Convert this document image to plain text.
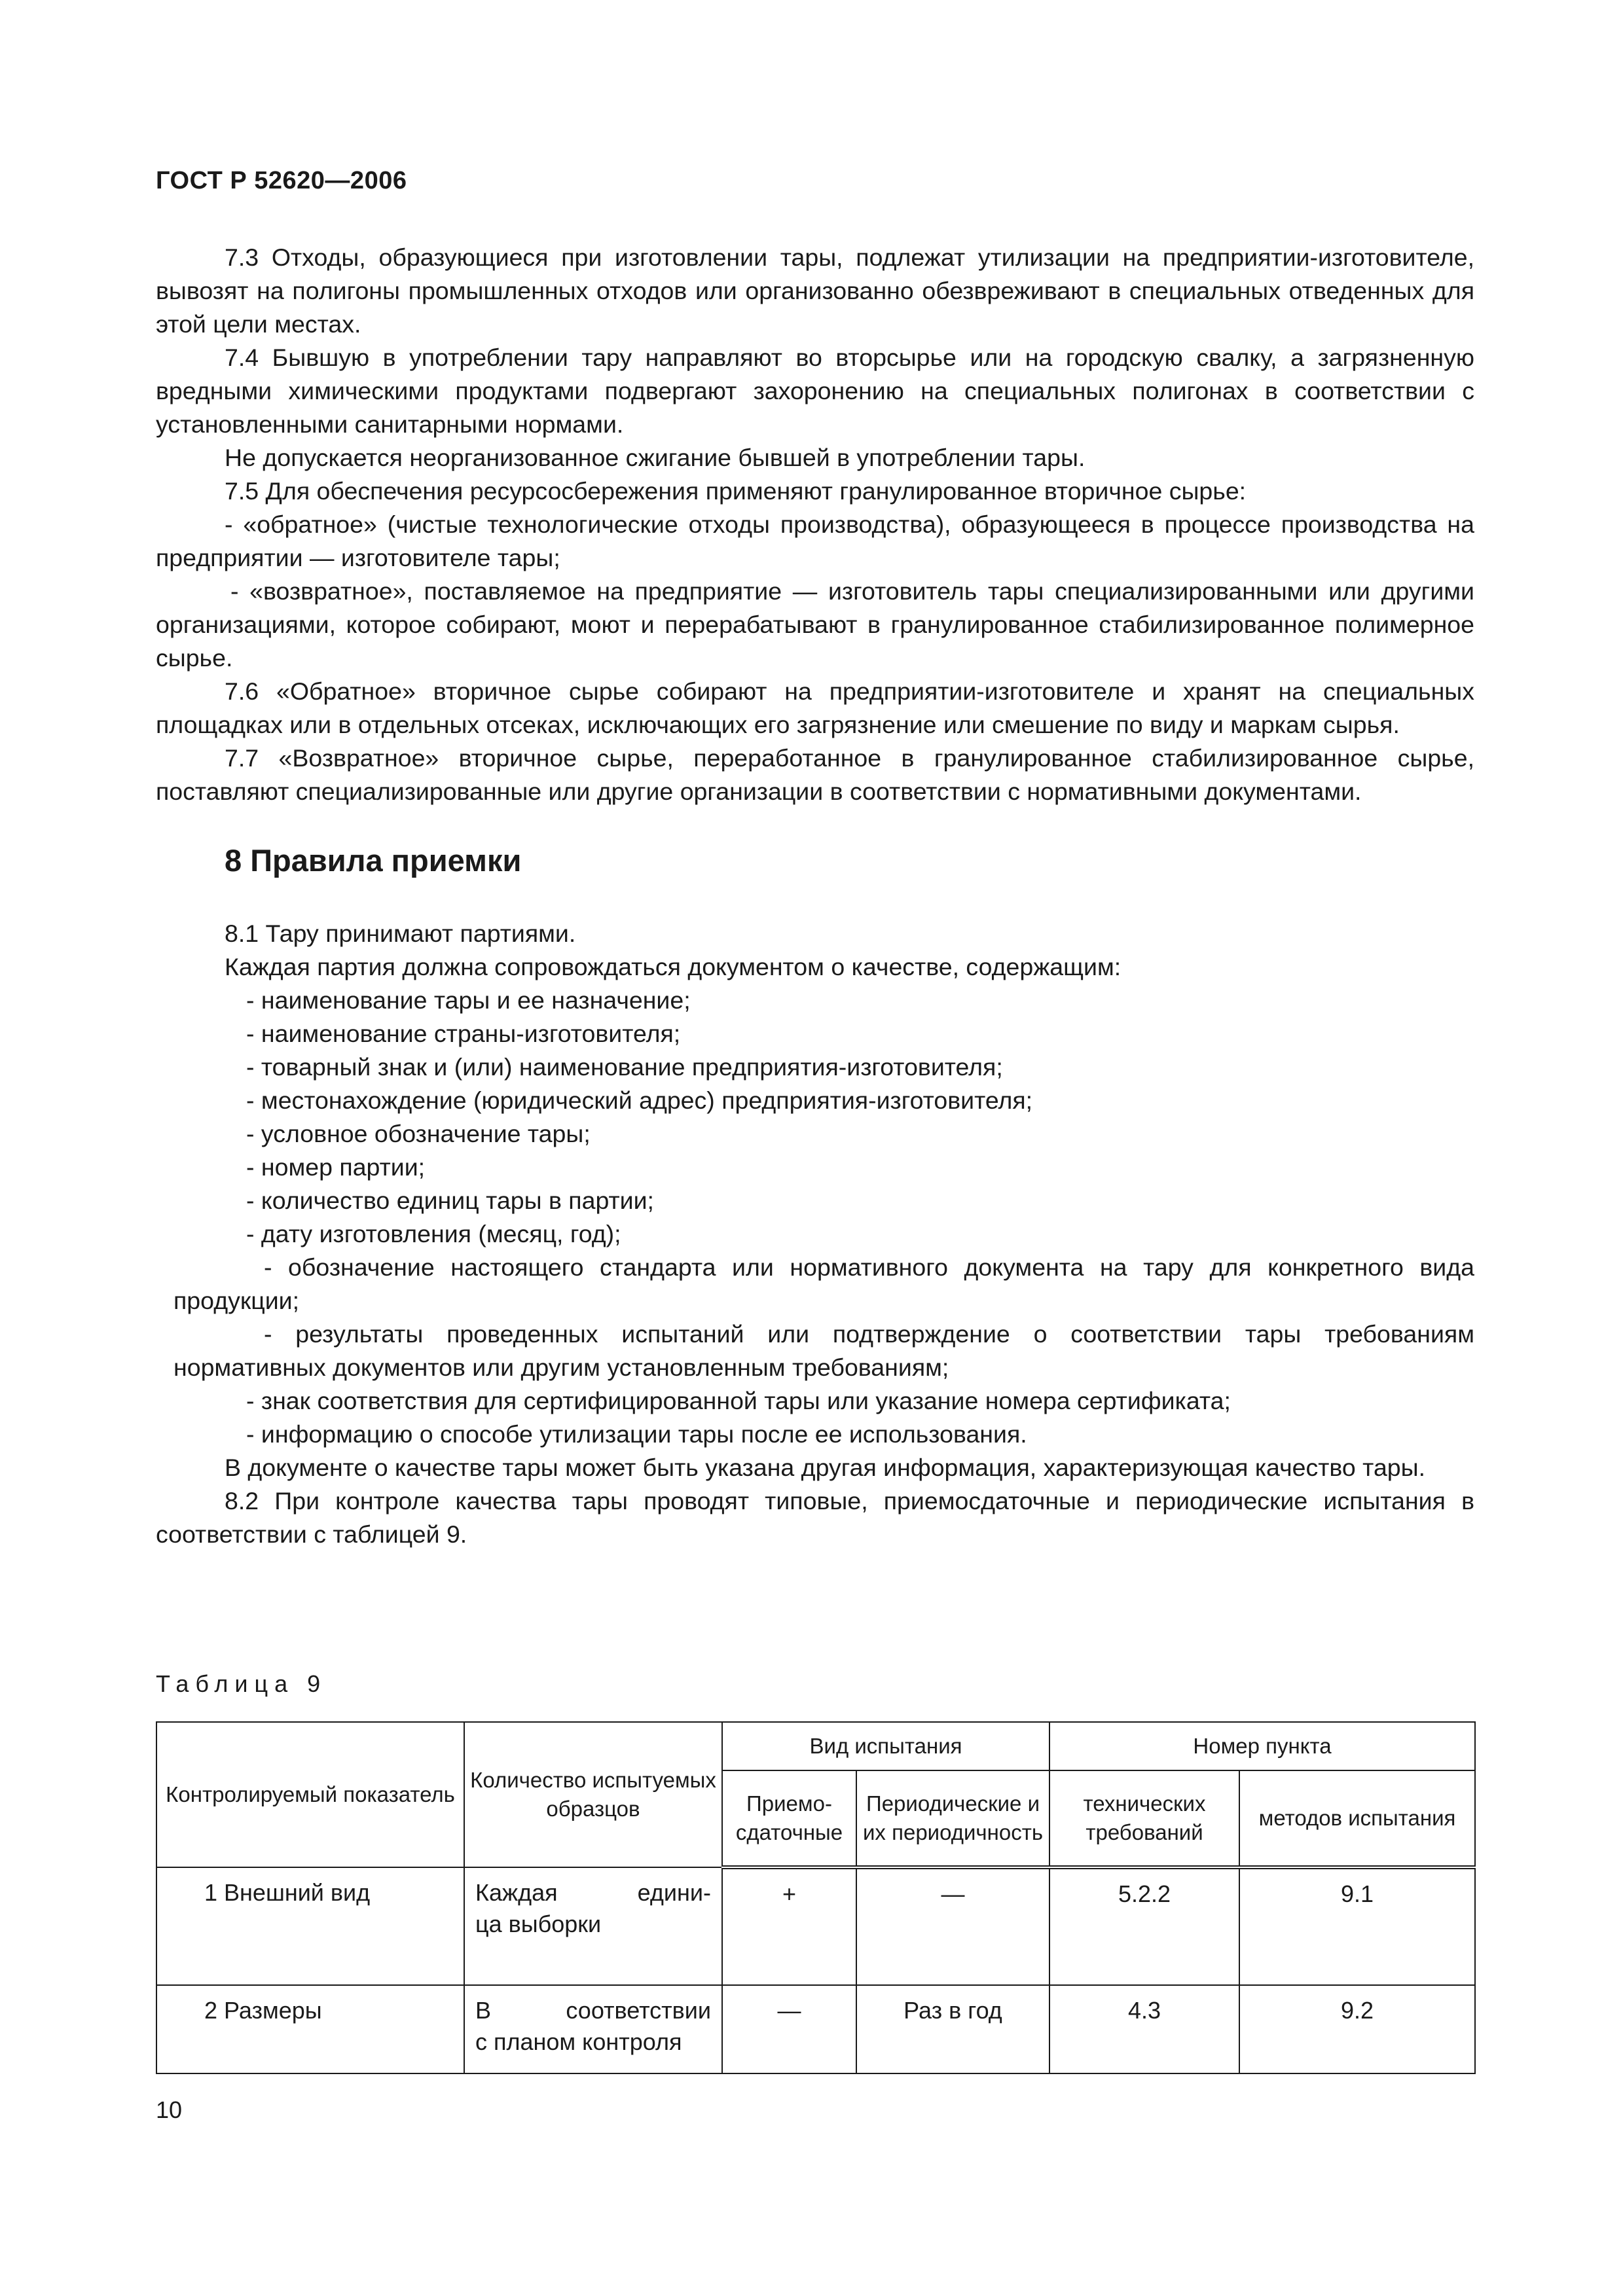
ГОСТ Р 52620—2006

7.3 Отходы, образующиеся при изготовлении тары, подлежат утилизации на предприятии-изготовителе, вывозят на полигоны промышленных отходов или организованно обезвреживают в специальных отведенных для этой цели местах.

7.4 Бывшую в употреблении тару направляют во вторсырье или на городскую свалку, а загрязненную вредными химическими продуктами подвергают захоронению на специальных полигонах в соответствии с установленными санитарными нормами.

Не допускается неорганизованное сжигание бывшей в употреблении тары.

7.5 Для обеспечения ресурсосбережения применяют гранулированное вторичное сырье:

- «обратное» (чистые технологические отходы производства), образующееся в процессе производства на предприятии — изготовителе тары;

- «возвратное», поставляемое на предприятие — изготовитель тары специализированными или другими организациями, которое собирают, моют и перерабатывают в гранулированное стабилизированное полимерное сырье.

7.6 «Обратное» вторичное сырье собирают на предприятии-изготовителе и хранят на специальных площадках или в отдельных отсеках, исключающих его загрязнение или смешение по виду и маркам сырья.

7.7 «Возвратное» вторичное сырье, переработанное в гранулированное стабилизированное сырье, поставляют специализированные или другие организации в соответствии с нормативными документами.

8 Правила приемки

8.1 Тару принимают партиями.

Каждая партия должна сопровождаться документом о качестве, содержащим:

- наименование тары и ее назначение;

- наименование страны-изготовителя;

- товарный знак и (или) наименование предприятия-изготовителя;

- местонахождение (юридический адрес) предприятия-изготовителя;

- условное обозначение тары;

- номер партии;

- количество единиц тары в партии;

- дату изготовления (месяц, год);

- обозначение настоящего стандарта или нормативного документа на тару для конкретного вида продукции;

- результаты проведенных испытаний или подтверждение о соответствии тары требованиям нормативных документов или другим установленным требованиям;

- знак соответствия для сертифицированной тары или указание номера сертификата;

- информацию о способе утилизации тары после ее использования.

В документе о качестве тары может быть указана другая информация, характеризующая качество тары.

8.2 При контроле качества тары проводят типовые, приемосдаточные и периодические испытания в соответствии с таблицей 9.

Таблица 9
Контролируемый показатель	Количество испытуемых образцов	Вид испытания		Номер пункта	
		Приемо-сдаточные	Периодические и их периодичность	технических требований	методов испытания
1 Внешний вид	Каждая едини-
ца выборки	+	—	5.2.2	9.1
2 Размеры	В соответствии
с планом контроля	—	Раз в год	4.3	9.2
10
